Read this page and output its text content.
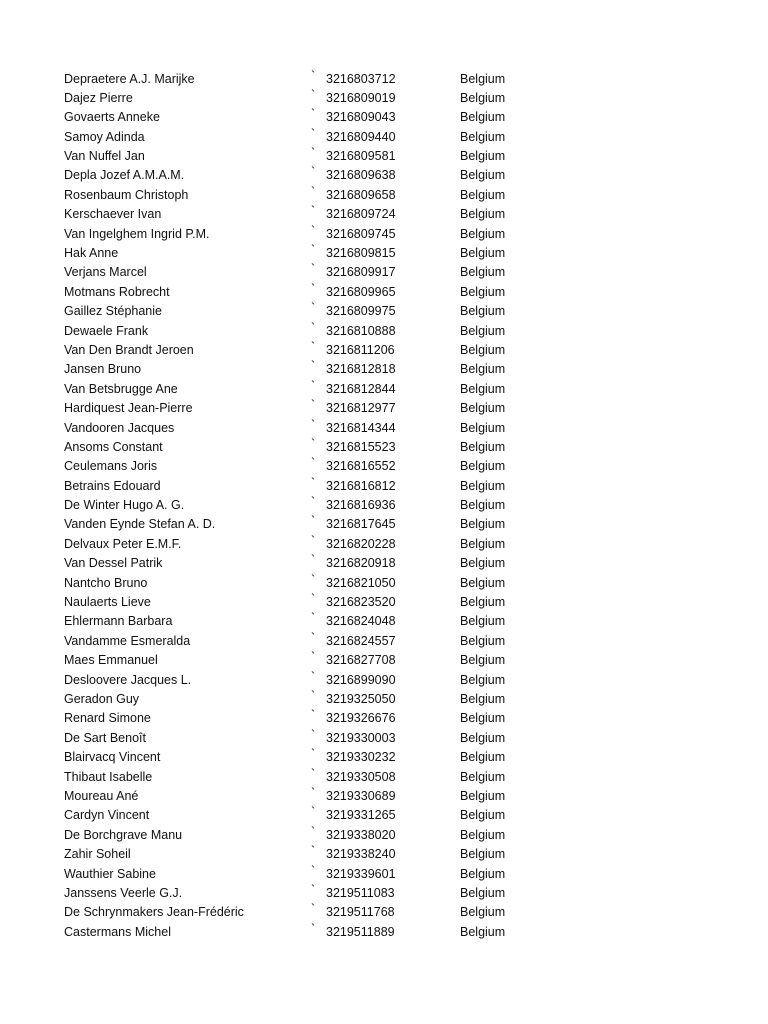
Depraetere A.J. Marijke	` 3216803712	Belgium
Dajez Pierre	` 3216809019	Belgium
Govaerts Anneke	` 3216809043	Belgium
Samoy Adinda	` 3216809440	Belgium
Van Nuffel Jan	` 3216809581	Belgium
Depla Jozef A.M.A.M.	` 3216809638	Belgium
Rosenbaum Christoph	` 3216809658	Belgium
Kerschaever Ivan	` 3216809724	Belgium
Van Ingelghem Ingrid P.M.	` 3216809745	Belgium
Hak Anne	` 3216809815	Belgium
Verjans Marcel	` 3216809917	Belgium
Motmans Robrecht	` 3216809965	Belgium
Gaillez Stéphanie	` 3216809975	Belgium
Dewaele Frank	` 3216810888	Belgium
Van Den Brandt Jeroen	` 3216811206	Belgium
Jansen Bruno	` 3216812818	Belgium
Van Betsbrugge Ane	` 3216812844	Belgium
Hardiquest Jean-Pierre	` 3216812977	Belgium
Vandooren Jacques	` 3216814344	Belgium
Ansoms Constant	` 3216815523	Belgium
Ceulemans Joris	` 3216816552	Belgium
Betrains Edouard	` 3216816812	Belgium
De Winter Hugo A. G.	` 3216816936	Belgium
Vanden Eynde Stefan A. D.	` 3216817645	Belgium
Delvaux Peter E.M.F.	` 3216820228	Belgium
Van Dessel Patrik	` 3216820918	Belgium
Nantcho Bruno	` 3216821050	Belgium
Naulaerts Lieve	` 3216823520	Belgium
Ehlermann Barbara	` 3216824048	Belgium
Vandamme Esmeralda	` 3216824557	Belgium
Maes Emmanuel	` 3216827708	Belgium
Desloovere Jacques L.	` 3216899090	Belgium
Geradon Guy	` 3219325050	Belgium
Renard Simone	` 3219326676	Belgium
De Sart Benoît	` 3219330003	Belgium
Blairvacq Vincent	` 3219330232	Belgium
Thibaut Isabelle	` 3219330508	Belgium
Moureau Ané	` 3219330689	Belgium
Cardyn Vincent	` 3219331265	Belgium
De Borchgrave Manu	` 3219338020	Belgium
Zahir Soheil	` 3219338240	Belgium
Wauthier Sabine	` 3219339601	Belgium
Janssens Veerle G.J.	` 3219511083	Belgium
De Schrynmakers Jean-Frédéric	` 3219511768	Belgium
Castermans Michel	` 3219511889	Belgium
